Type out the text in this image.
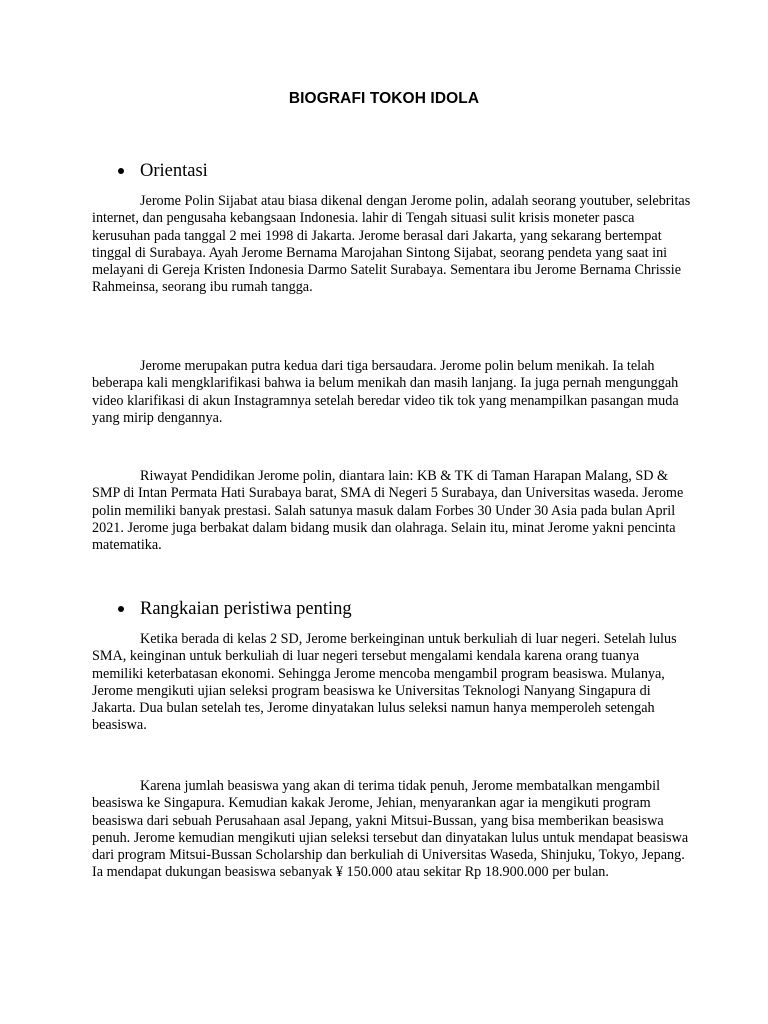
BIOGRAFI TOKOH IDOLA
Orientasi

Jerome Polin Sijabat atau biasa dikenal dengan Jerome polin, adalah seorang youtuber, selebritas internet, dan pengusaha kebangsaan Indonesia. lahir di Tengah situasi sulit krisis moneter pasca kerusuhan pada tanggal 2 mei 1998 di Jakarta. Jerome berasal dari Jakarta, yang sekarang bertempat tinggal di Surabaya. Ayah Jerome Bernama Marojahan Sintong Sijabat, seorang pendeta yang saat ini melayani di Gereja Kristen Indonesia Darmo Satelit Surabaya. Sementara ibu Jerome Bernama Chrissie Rahmeinsa, seorang ibu rumah tangga.

Jerome merupakan putra kedua dari tiga bersaudara. Jerome polin belum menikah. Ia telah beberapa kali mengklarifikasi bahwa ia belum menikah dan masih lanjang. Ia juga pernah mengunggah video klarifikasi di akun Instagramnya setelah beredar video tik tok yang menampilkan pasangan muda yang mirip dengannya.

Riwayat Pendidikan Jerome polin, diantara lain: KB & TK di Taman Harapan Malang, SD & SMP di Intan Permata Hati Surabaya barat, SMA di Negeri 5 Surabaya, dan Universitas waseda. Jerome polin memiliki banyak prestasi. Salah satunya masuk dalam Forbes 30 Under 30 Asia pada bulan April 2021. Jerome juga berbakat dalam bidang musik dan olahraga. Selain itu, minat Jerome yakni pencinta matematika.

Rangkaian peristiwa penting

Ketika berada di kelas 2 SD, Jerome berkeinginan untuk berkuliah di luar negeri. Setelah lulus SMA, keinginan untuk berkuliah di luar negeri tersebut mengalami kendala karena orang tuanya memiliki keterbatasan ekonomi. Sehingga Jerome mencoba mengambil program beasiswa. Mulanya, Jerome mengikuti ujian seleksi program beasiswa ke Universitas Teknologi Nanyang Singapura di Jakarta. Dua bulan setelah tes, Jerome dinyatakan lulus seleksi namun hanya memperoleh setengah beasiswa.

Karena jumlah beasiswa yang akan di terima tidak penuh, Jerome membatalkan mengambil beasiswa ke Singapura. Kemudian kakak Jerome, Jehian, menyarankan agar ia mengikuti program beasiswa dari sebuah Perusahaan asal Jepang, yakni Mitsui-Bussan, yang bisa memberikan beasiswa penuh. Jerome kemudian mengikuti ujian seleksi tersebut dan dinyatakan lulus untuk mendapat beasiswa dari program Mitsui-Bussan Scholarship dan berkuliah di Universitas Waseda, Shinjuku, Tokyo, Jepang. Ia mendapat dukungan beasiswa sebanyak ¥ 150.000 atau sekitar Rp 18.900.000 per bulan.
